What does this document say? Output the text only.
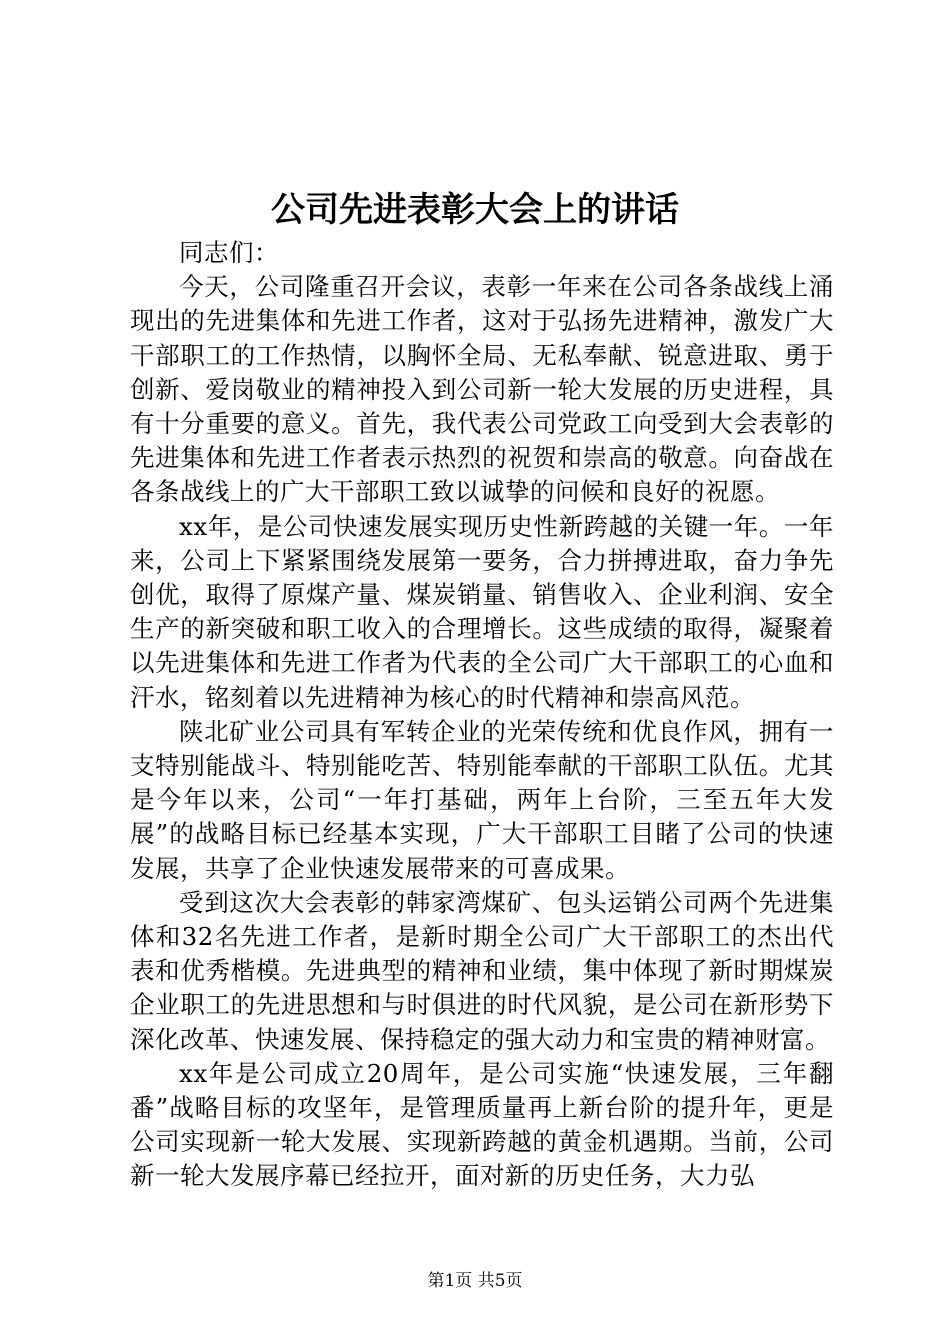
公司先进表彰大会上的讲话

同志们：

今天，公司隆重召开会议，表彰一年来在公司各条战线上涌现出的先进集体和先进工作者，这对于弘扬先进精神，激发广大干部职工的工作热情，以胸怀全局、无私奉献、锐意进取、勇于创新、爱岗敬业的精神投入到公司新一轮大发展的历史进程，具有十分重要的意义。首先，我代表公司党政工向受到大会表彰的先进集体和先进工作者表示热烈的祝贺和崇高的敬意。向奋战在各条战线上的广大干部职工致以诚挚的问候和良好的祝愿。

xx年，是公司快速发展实现历史性新跨越的关键一年。一年来，公司上下紧紧围绕发展第一要务，合力拼搏进取，奋力争先创优，取得了原煤产量、煤炭销量、销售收入、企业利润、安全生产的新突破和职工收入的合理增长。这些成绩的取得，凝聚着以先进集体和先进工作者为代表的全公司广大干部职工的心血和汗水，铭刻着以先进精神为核心的时代精神和崇高风范。

陕北矿业公司具有军转企业的光荣传统和优良作风，拥有一支特别能战斗、特别能吃苦、特别能奉献的干部职工队伍。尤其是今年以来，公司“一年打基础，两年上台阶，三至五年大发展”的战略目标已经基本实现，广大干部职工目睹了公司的快速发展，共享了企业快速发展带来的可喜成果。

受到这次大会表彰的韩家湾煤矿、包头运销公司两个先进集体和32名先进工作者，是新时期全公司广大干部职工的杰出代表和优秀楷模。先进典型的精神和业绩，集中体现了新时期煤炭企业职工的先进思想和与时俱进的时代风貌，是公司在新形势下深化改革、快速发展、保持稳定的强大动力和宝贵的精神财富。

xx年是公司成立20周年，是公司实施“快速发展，三年翻番”战略目标的攻坚年，是管理质量再上新台阶的提升年，更是公司实现新一轮大发展、实现新跨越的黄金机遇期。当前，公司新一轮大发展序幕已经拉开，面对新的历史任务，大力弘

第1页 共5页
